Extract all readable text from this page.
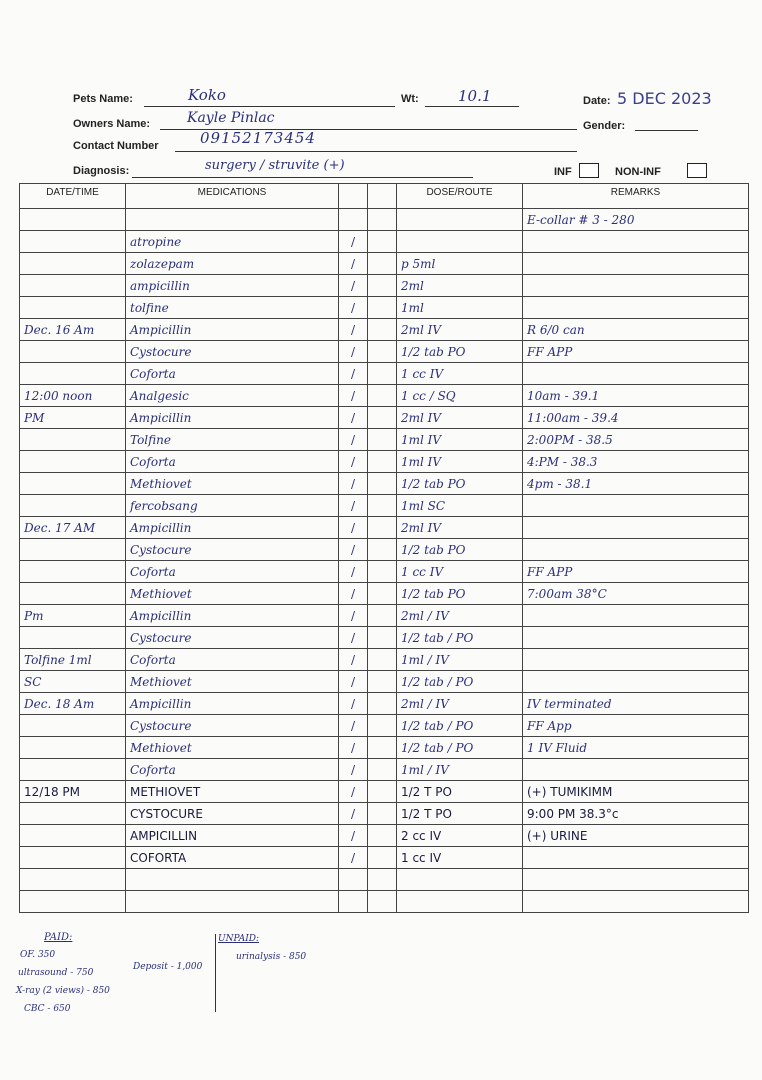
Pets Name:	Koko	Wt:	10.1	Date: 5 DEC 2023
Owners Name:	Kayle Pinlac	Gender:
Contact Number	09152173454
Diagnosis:	surgery / struvite (+)	INF	NON-INF
DATE/TIME	MEDICATIONS			DOSE/ROUTE	REMARKS
					E-collar # 3 - 280
	atropine	/			
	zolazepam	/		p 5ml	
	ampicillin	/		2ml	
	tolfine	/		1ml	
Dec. 16 Am	Ampicillin	/		2ml IV	R 6/0 can
	Cystocure	/		1/2 tab PO	FF APP
	Coforta	/		1 cc IV	
12:00 noon	Analgesic	/		1 cc / SQ	10am - 39.1
PM	Ampicillin	/		2ml IV	11:00am - 39.4
	Tolfine	/		1ml IV	2:00PM - 38.5
	Coforta	/		1ml IV	4:PM - 38.3
	Methiovet	/		1/2 tab PO	4pm - 38.1
	fercobsang	/		1ml SC	
Dec. 17 AM	Ampicillin	/		2ml IV	
	Cystocure	/		1/2 tab PO	
	Coforta	/		1 cc IV	FF APP
	Methiovet	/		1/2 tab PO	7:00am 38°C
Pm	Ampicillin	/		2ml / IV	
	Cystocure	/		1/2 tab / PO	
Tolfine 1ml	Coforta	/		1ml / IV	
SC	Methiovet	/		1/2 tab / PO	
Dec. 18 Am	Ampicillin	/		2ml / IV	IV terminated
	Cystocure	/		1/2 tab / PO	FF App
	Methiovet	/		1/2 tab / PO	1 IV Fluid
	Coforta	/		1ml / IV	
12/18 PM	METHIOVET	/		1/2 T PO	(+) TUMIKIMM
	CYSTOCURE	/		1/2 T PO	9:00 PM 38.3°c
	AMPICILLIN	/		2 cc IV	(+) URINE
	COFORTA	/		1 cc IV	

PAID:
OF. 350
ultrasound - 750
X-ray (2 views) - 850
CBC - 650
Deposit - 1,000
UNPAID:
urinalysis - 850
